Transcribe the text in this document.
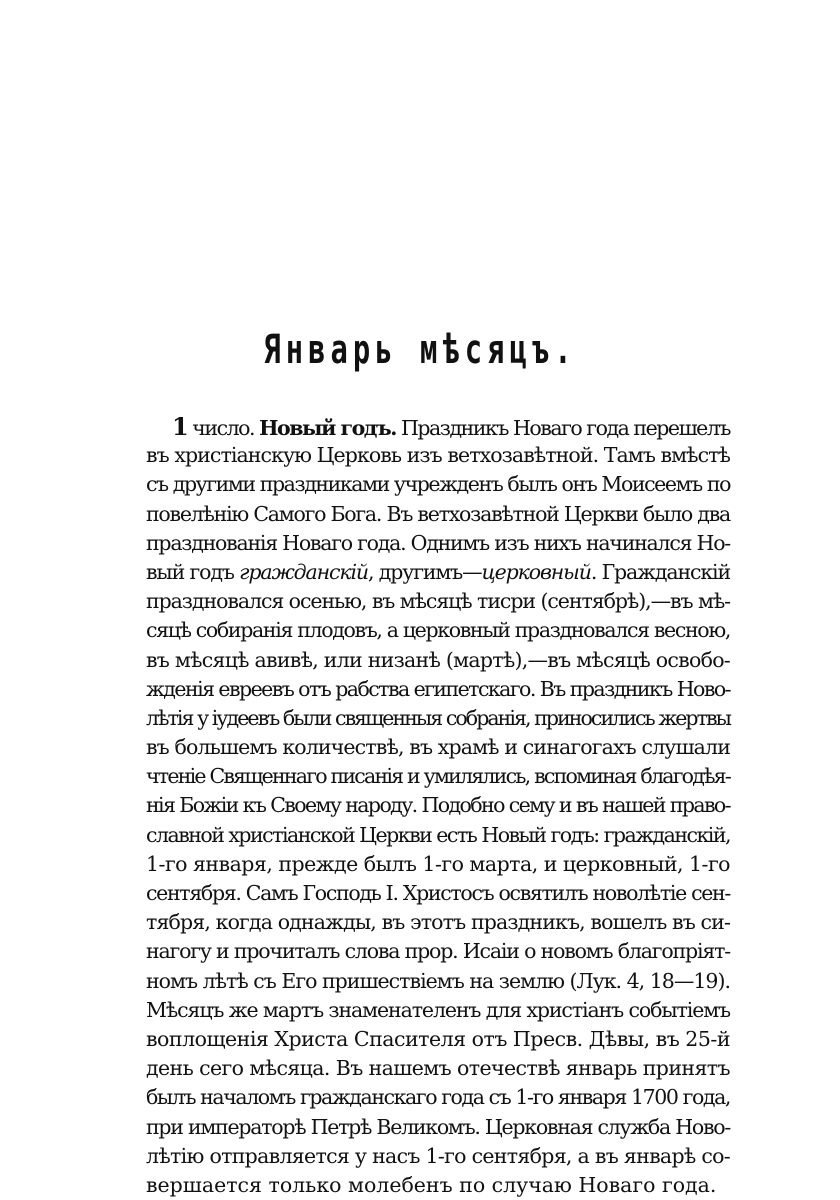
Январь мѣсяцъ.
1 число. Новый годъ. Праздникъ Новаго года перешелъ
въ христiанскую Церковь изъ ветхозавѣтной. Тамъ вмѣстѣ
съ другими праздниками учрежденъ былъ онъ Моисеемъ по
повелѣнiю Самого Бога. Въ ветхозавѣтной Церкви было два
празднованiя Новаго года. Однимъ изъ нихъ начинался Но-
вый годъ гражданскiй, другимъ—церковный. Гражданскiй
праздновался осенью, въ мѣсяцѣ тисри (сентябрѣ),—въ мѣ-
сяцѣ собиранiя плодовъ, а церковный праздновался весною,
въ мѣсяцѣ авивѣ, или низанѣ (мартѣ),—въ мѣсяцѣ освобо-
жденiя евреевъ отъ рабства египетскаго. Въ праздникъ Ново-
лѣтiя у iудеевъ были священныя собранiя, приносились жертвы
въ большемъ количествѣ, въ храмѣ и синагогахъ слушали
чтенiе Священнаго писанiя и умилялись, вспоминая благодѣя-
нiя Божiи къ Своему народу. Подобно сему и въ нашей право-
славной христiанской Церкви есть Новый годъ: гражданскiй,
1-го января, прежде былъ 1-го марта, и церковный, 1-го
сентября. Самъ Господь I. Христосъ освятилъ новолѣтiе сен-
тября, когда однажды, въ этотъ праздникъ, вошелъ въ си-
нагогу и прочиталъ слова прор. Исаiи о новомъ благопрiят-
номъ лѣтѣ съ Его пришествiемъ на землю (Лук. 4, 18—19).
Мѣсяцъ же мартъ знаменателенъ для христiанъ событiемъ
воплощенiя Христа Спасителя отъ Пресв. Дѣвы, въ 25-й
день сего мѣсяца. Въ нашемъ отечествѣ январь принятъ
былъ началомъ гражданскаго года съ 1-го января 1700 года,
при императорѣ Петрѣ Великомъ. Церковная служба Ново-
лѣтiю отправляется у насъ 1-го сентября, а въ январѣ со-
вершается только молебенъ по случаю Новаго года.
